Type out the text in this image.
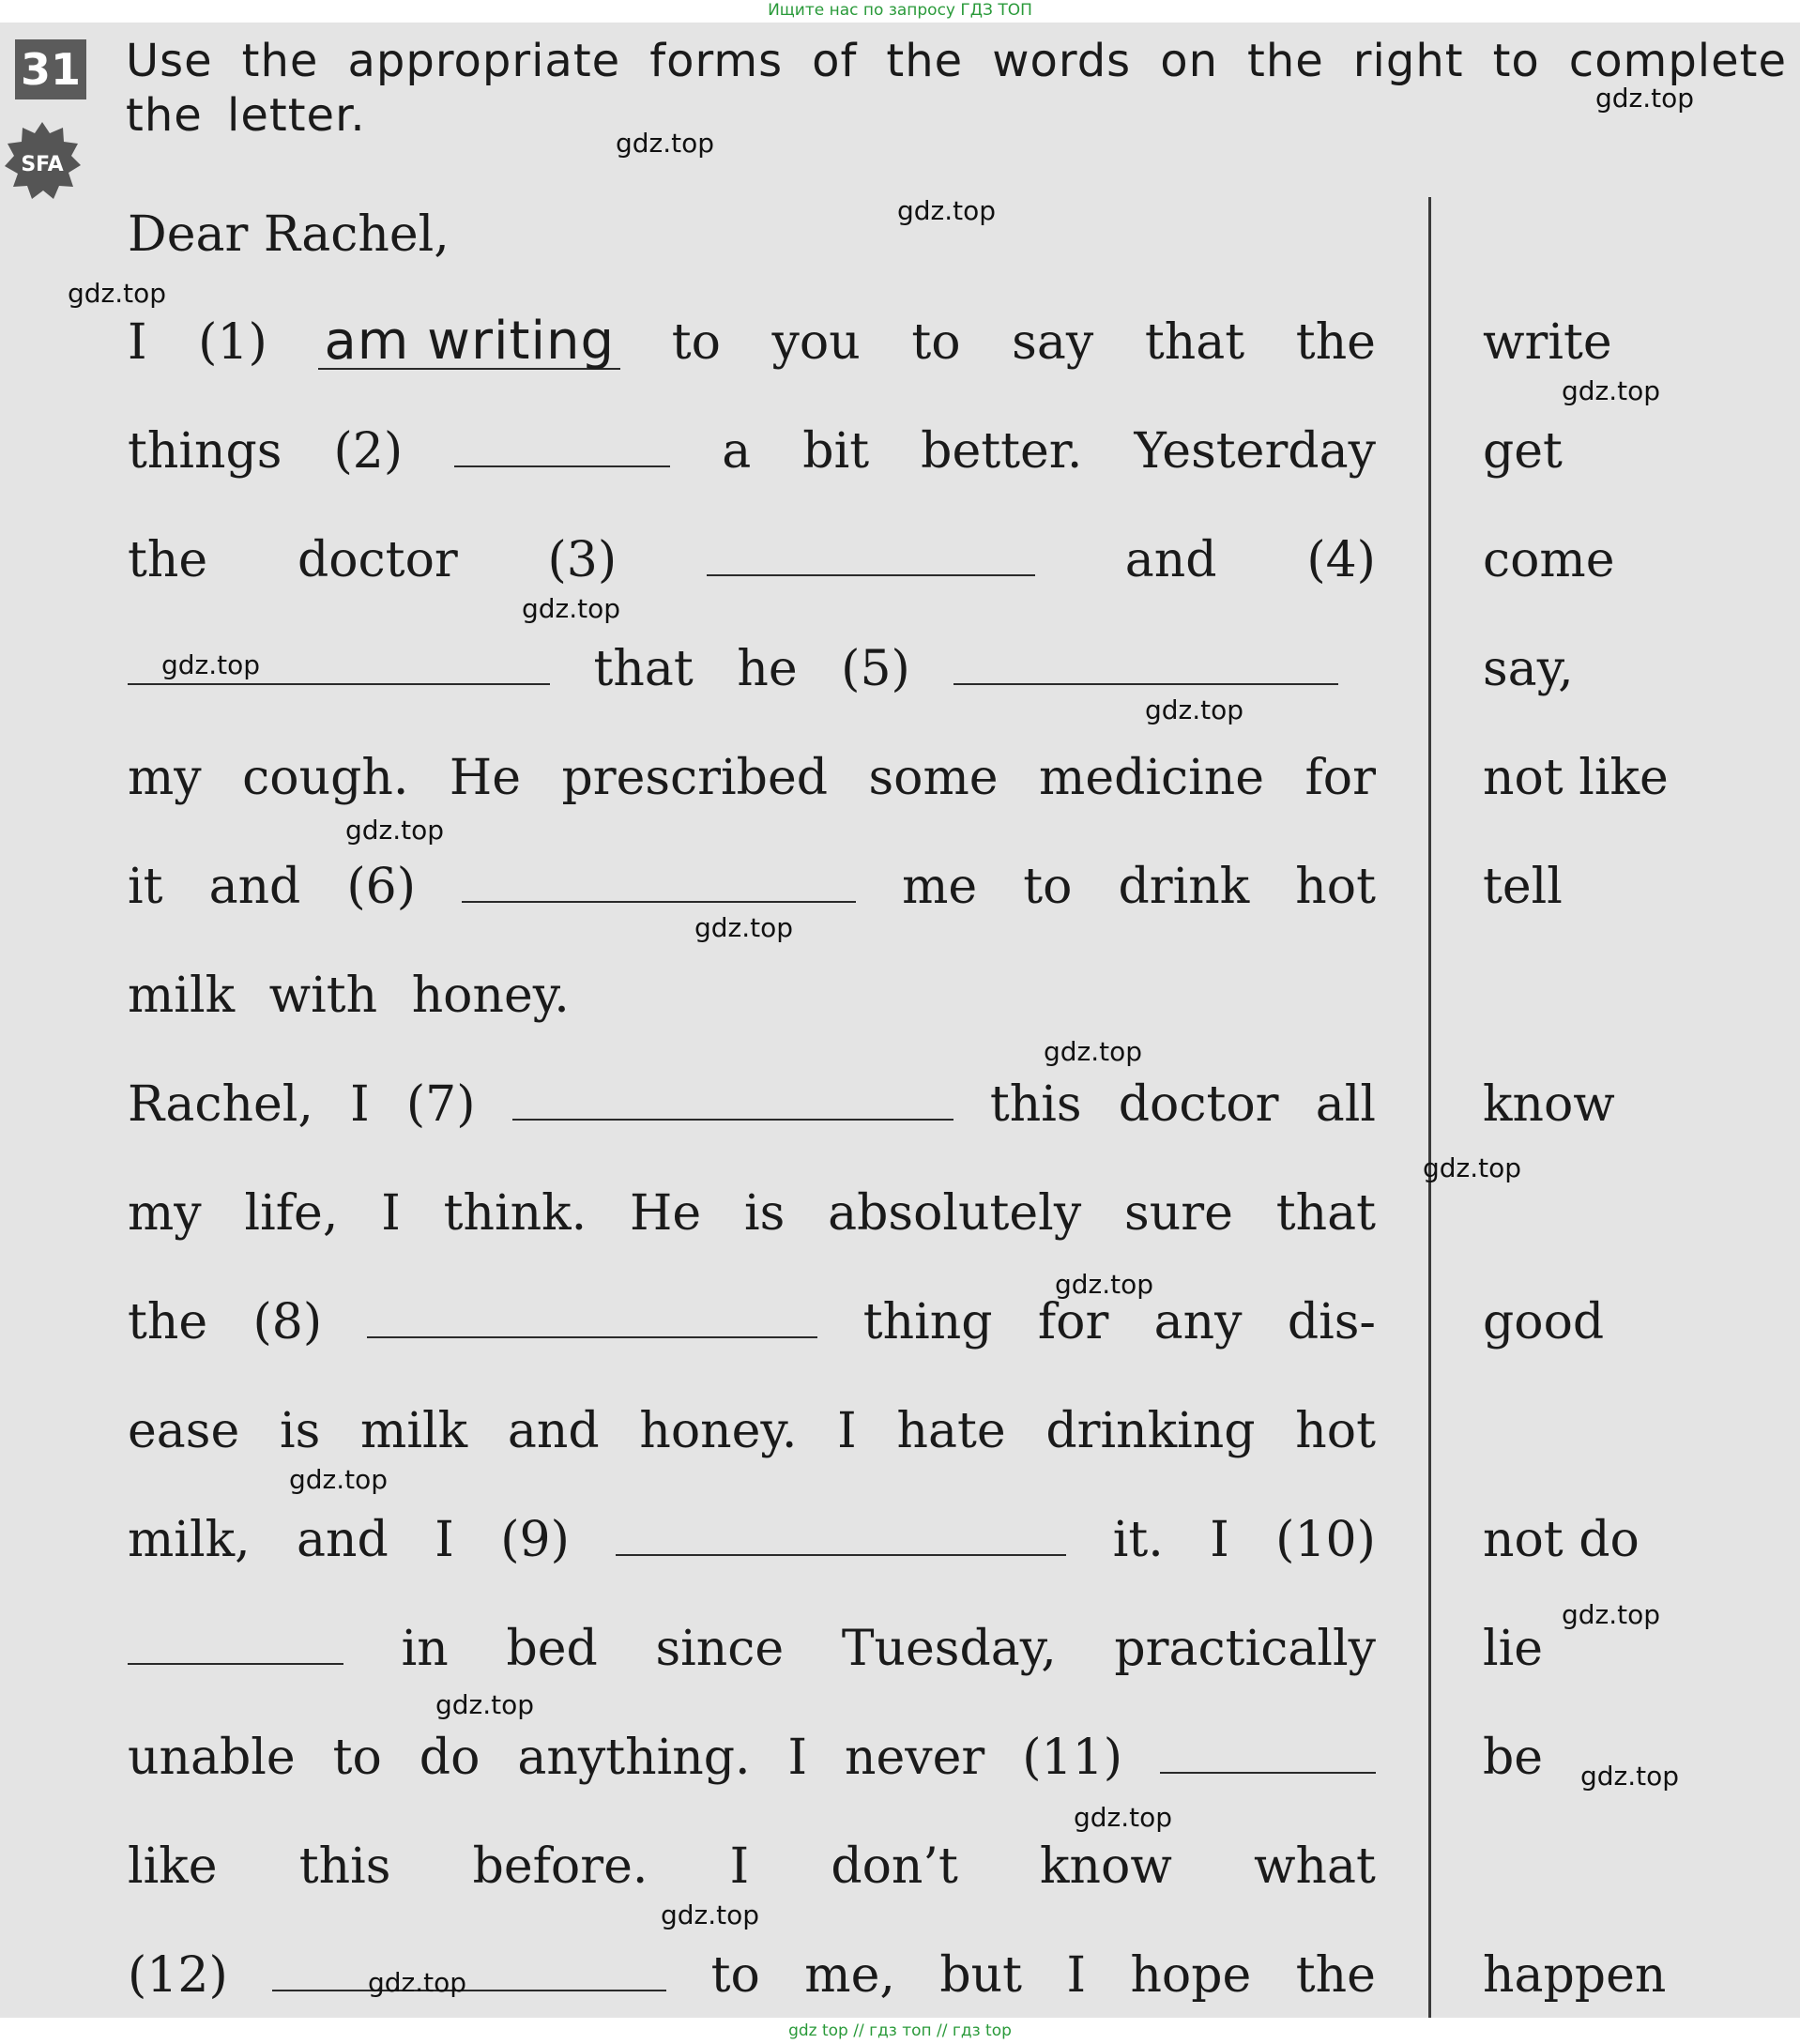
Ищите нас по запросу ГДЗ ТОП
31
SFA
Use the appropriate forms of the words on the right to complete the letter.
Dear Rachel,
I (1) am writing to you to say that the
things (2)	a bit better. Yesterday
the doctor (3)	and (4)
that he (5)
my cough. He prescribed some medicine for
it and (6)	me to drink hot
milk with honey.
Rachel, I (7)	this doctor all
my life, I think. He is absolutely sure that
the (8)	thing for any dis-
ease is milk and honey. I hate drinking hot
milk, and I (9)	it. I (10)
in bed since Tuesday, practically
unable to do anything. I never (11)
like this before. I don’t know what
(12)	to me, but I hope the
write
get
come
say,
not like
tell
know
good
not do
lie
be
happen
gdz.top
gdz.top
gdz.top
gdz.top
gdz.top
gdz.top
gdz.top
gdz.top
gdz.top
gdz.top
gdz.top
gdz.top
gdz.top
gdz.top
gdz.top
gdz.top
gdz.top
gdz.top
gdz.top
gdz.top
gdz top // гдз топ // гдз top
